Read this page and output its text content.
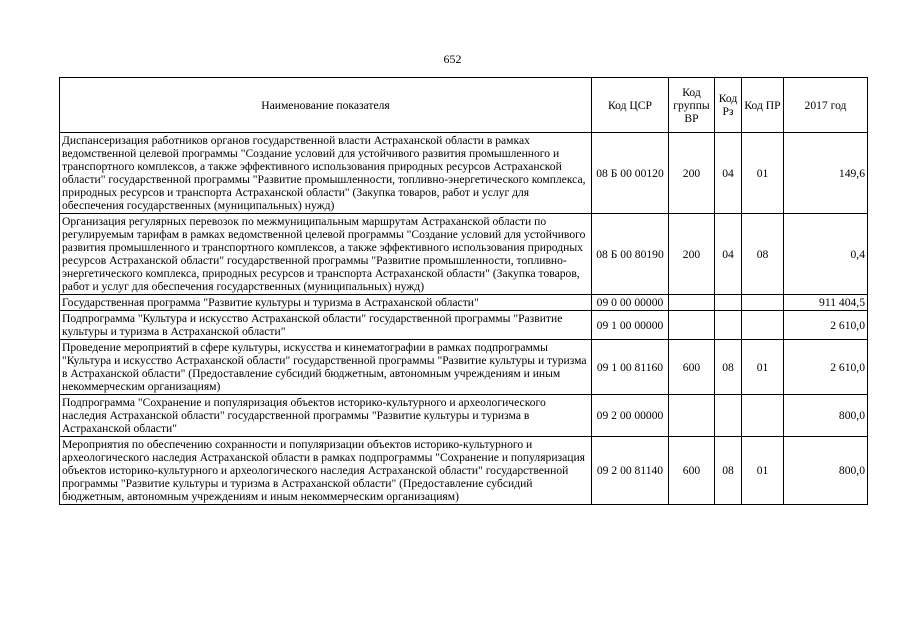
652
Наименование показателя	Код ЦСР	Код группы ВР	Код Рз	Код ПР	2017 год
Диспансеризация работников органов государственной власти Астраханской области в рамках ведомственной целевой программы "Создание условий для устойчивого развития промышленного и транспортного комплексов, а также эффективного использования природных ресурсов Астраханской области" государственной программы "Развитие промышленности, топливно-энергетического комплекса, природных ресурсов и транспорта Астраханской области" (Закупка товаров, работ и услуг для обеспечения государственных (муниципальных) нужд)	08 Б 00 00120	200	04	01	149,6
Организация регулярных перевозок по межмуниципальным маршрутам Астраханской области по регулируемым тарифам в рамках ведомственной целевой программы "Создание условий для устойчивого развития промышленного и транспортного комплексов, а также эффективного использования природных ресурсов Астраханской области" государственной программы "Развитие промышленности, топливно-энергетического комплекса, природных ресурсов и транспорта Астраханской области" (Закупка товаров, работ и услуг для обеспечения государственных (муниципальных) нужд)	08 Б 00 80190	200	04	08	0,4
Государственная программа "Развитие культуры и туризма в Астраханской области"	09 0 00 00000				911 404,5
Подпрограмма "Культура и искусство Астраханской области" государственной программы "Развитие культуры и туризма в Астраханской области"	09 1 00 00000				2 610,0
Проведение мероприятий в сфере культуры, искусства и кинематографии в рамках подпрограммы "Культура и искусство Астраханской области" государственной программы "Развитие культуры и туризма в Астраханской области" (Предоставление субсидий бюджетным, автономным учреждениям и иным некоммерческим организациям)	09 1 00 81160	600	08	01	2 610,0
Подпрограмма "Сохранение и популяризация объектов историко-культурного и археологического наследия Астраханской области" государственной программы "Развитие культуры и туризма в Астраханской области"	09 2 00 00000				800,0
Мероприятия по обеспечению сохранности и популяризации объектов историко-культурного и археологического наследия Астраханской области в рамках подпрограммы "Сохранение и популяризация объектов историко-культурного и археологического наследия Астраханской области" государственной программы "Развитие культуры и туризма в Астраханской области" (Предоставление субсидий бюджетным, автономным учреждениям и иным некоммерческим организациям)	09 2 00 81140	600	08	01	800,0
